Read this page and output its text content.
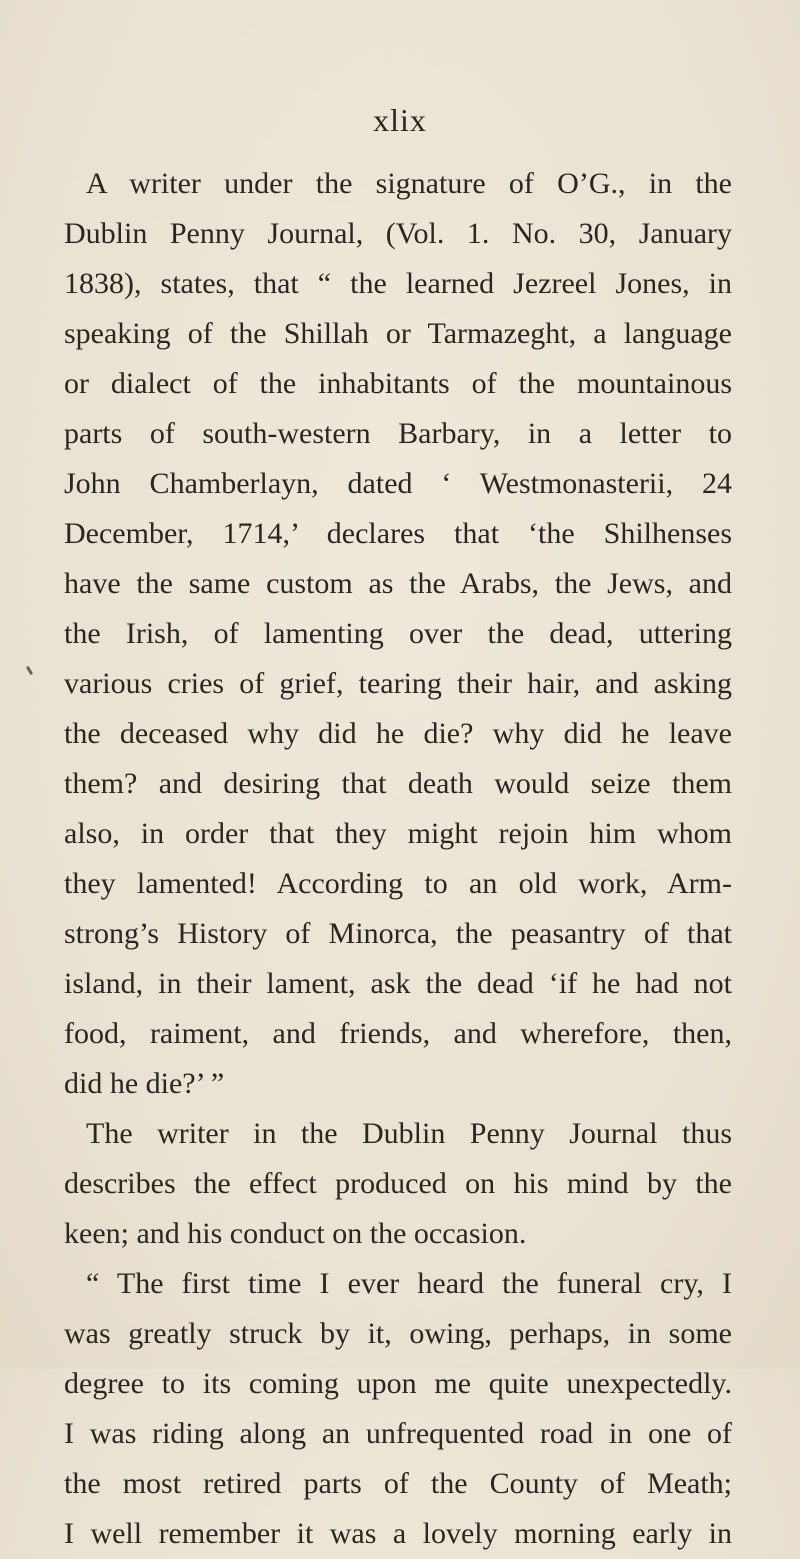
xlix
A writer under the signature of O’G., in the
Dublin Penny Journal, (Vol. 1. No. 30, January
1838), states, that “ the learned Jezreel Jones, in
speaking of the Shillah or Tarmazeght, a language
or dialect of the inhabitants of the mountainous
parts of south-western Barbary, in a letter to
John Chamberlayn, dated ‘ Westmonasterii, 24
December, 1714,’ declares that ‘the Shilhenses
have the same custom as the Arabs, the Jews, and
the Irish, of lamenting over the dead, uttering
various cries of grief, tearing their hair, and asking
the deceased why did he die? why did he leave
them? and desiring that death would seize them
also, in order that they might rejoin him whom
they lamented! According to an old work, Arm-
strong’s History of Minorca, the peasantry of that
island, in their lament, ask the dead ‘if he had not
food, raiment, and friends, and wherefore, then,
did he die?’ ”
The writer in the Dublin Penny Journal thus
describes the effect produced on his mind by the
keen; and his conduct on the occasion.
“ The first time I ever heard the funeral cry, I
was greatly struck by it, owing, perhaps, in some
degree to its coming upon me quite unexpectedly.
I was riding along an unfrequented road in one of
the most retired parts of the County of Meath;
I well remember it was a lovely morning early in
